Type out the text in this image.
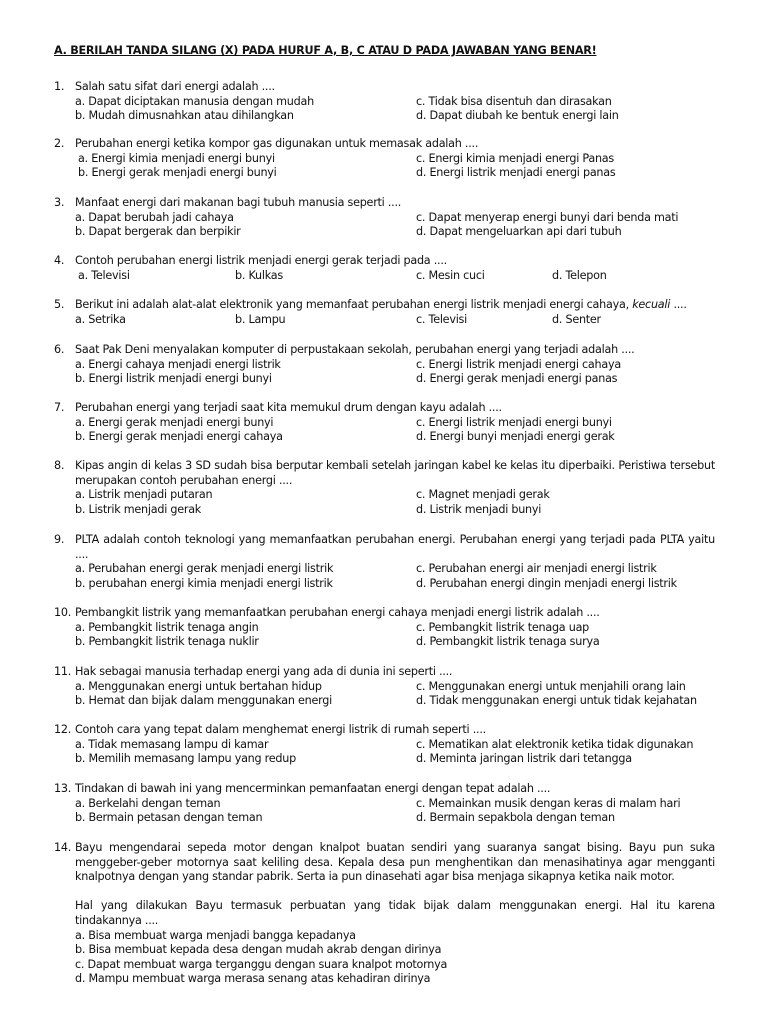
A. BERILAH TANDA SILANG (X) PADA HURUF A, B, C ATAU D PADA JAWABAN YANG BENAR!
1. Salah satu sifat dari energi adalah ....
a. Dapat diciptakan manusia dengan mudah	c. Tidak bisa disentuh dan dirasakan
b. Mudah dimusnahkan atau dihilangkan	d. Dapat diubah ke bentuk energi lain
2. Perubahan energi ketika kompor gas digunakan untuk memasak adalah ....
a. Energi kimia menjadi energi bunyi	c. Energi kimia menjadi energi Panas
b. Energi gerak menjadi energi bunyi	d. Energi listrik menjadi energi panas
3. Manfaat energi dari makanan bagi tubuh manusia seperti ....
a. Dapat berubah jadi cahaya	c. Dapat menyerap energi bunyi dari benda mati
b. Dapat bergerak dan berpikir	d. Dapat mengeluarkan api dari tubuh
4. Contoh perubahan energi listrik menjadi energi gerak terjadi pada ....
a. Televisi	b. Kulkas	c. Mesin cuci	d. Telepon
5. Berikut ini adalah alat-alat elektronik yang memanfaat perubahan energi listrik menjadi energi cahaya, kecuali ....
a. Setrika	b. Lampu	c. Televisi	d. Senter
6. Saat Pak Deni menyalakan komputer di perpustakaan sekolah, perubahan energi yang terjadi adalah ....
a. Energi cahaya menjadi energi listrik	c. Energi listrik menjadi energi cahaya
b. Energi listrik menjadi energi bunyi	d. Energi gerak menjadi energi panas
7. Perubahan energi yang terjadi saat kita memukul drum dengan kayu adalah ....
a. Energi gerak menjadi energi bunyi	c. Energi listrik menjadi energi bunyi
b. Energi gerak menjadi energi cahaya	d. Energi bunyi menjadi energi gerak
8. Kipas angin di kelas 3 SD sudah bisa berputar kembali setelah jaringan kabel ke kelas itu diperbaiki. Peristiwa tersebut merupakan contoh perubahan energi ....
a. Listrik menjadi putaran	c. Magnet menjadi gerak
b. Listrik menjadi gerak	d. Listrik menjadi bunyi
9. PLTA adalah contoh teknologi yang memanfaatkan perubahan energi. Perubahan energi yang terjadi pada PLTA yaitu ....
a. Perubahan energi gerak menjadi energi listrik	c. Perubahan energi air menjadi energi listrik
b. perubahan energi kimia menjadi energi listrik	d. Perubahan energi dingin menjadi energi listrik
10. Pembangkit listrik yang memanfaatkan perubahan energi cahaya menjadi energi listrik adalah ....
a. Pembangkit listrik tenaga angin	c. Pembangkit listrik tenaga uap
b. Pembangkit listrik tenaga nuklir	d. Pembangkit listrik tenaga surya
11. Hak sebagai manusia terhadap energi yang ada di dunia ini seperti ....
a. Menggunakan energi untuk bertahan hidup	c. Menggunakan energi untuk menjahili orang lain
b. Hemat dan bijak dalam menggunakan energi	d. Tidak menggunakan energi untuk tidak kejahatan
12. Contoh cara yang tepat dalam menghemat energi listrik di rumah seperti ....
a. Tidak memasang lampu di kamar	c. Mematikan alat elektronik ketika tidak digunakan
b. Memilih memasang lampu yang redup	d. Meminta jaringan listrik dari tetangga
13. Tindakan di bawah ini yang mencerminkan pemanfaatan energi dengan tepat adalah ....
a. Berkelahi dengan teman	c. Memainkan musik dengan keras di malam hari
b. Bermain petasan dengan teman	d. Bermain sepakbola dengan teman
14. Bayu mengendarai sepeda motor dengan knalpot buatan sendiri yang suaranya sangat bising. Bayu pun suka menggeber-geber motornya saat keliling desa. Kepala desa pun menghentikan dan menasihatinya agar mengganti knalpotnya dengan yang standar pabrik. Serta ia pun dinasehati agar bisa menjaga sikapnya ketika naik motor.
Hal yang dilakukan Bayu termasuk perbuatan yang tidak bijak dalam menggunakan energi. Hal itu karena tindakannya ....
a. Bisa membuat warga menjadi bangga kepadanya
b. Bisa membuat kepada desa dengan mudah akrab dengan dirinya
c. Dapat membuat warga terganggu dengan suara knalpot motornya
d. Mampu membuat warga merasa senang atas kehadiran dirinya
